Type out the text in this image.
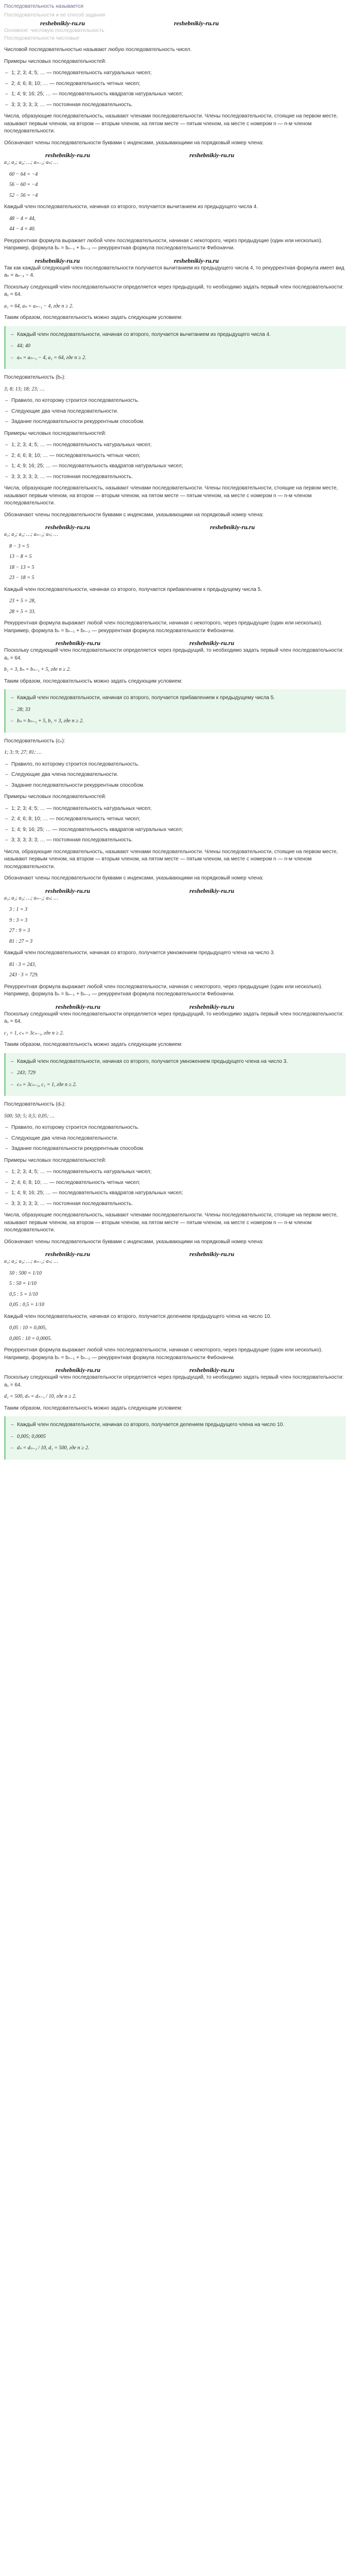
Последовательность называется
Последовательности и ее способ задания
reshebnikiy-ru.ru	reshebnikiy-ru.ru
Основное: числовую последовательность
Последовательности числовые

Числовой последовательностью называют любую последовательность чисел.

Примеры числовых последовательностей:

– 1; 2; 3; 4; 5; … — последовательность натуральных чисел;
– 2; 4; 6; 8; 10; … — последовательность четных чисел;
– 1; 4; 9; 16; 25; … — последовательность квадратов натуральных чисел;
– 3; 3; 3; 3; 3; … — постоянная последовательность.

Числа, образующие последовательность, называют членами последовательности. Члены последовательности, стоящие на первом месте, называют первым членом, на втором — вторым членом, на пятом месте — пятым членом, на месте с номером n — n-м членом последовательности.

Обозначают члены последовательности буквами с индексами, указывающими на порядковый номер члена:

reshebnikiy-ru.ru	reshebnikiy-ru.ru

a₁; a₂; a₃; …; aₙ₋₁; aₙ; …

60 − 64 = −4
56 − 60 = −4
52 − 56 = −4

Каждый член последовательности, начиная со второго, получается вычитанием из предыдущего числа 4.

48 − 4 = 44,
44 − 4 = 40.

Рекуррентная формула выражает любой член последовательности, начиная с некоторого, через предыдущие (один или несколько). Например, формула bₙ = bₙ₋₁ + bₙ₋₂ — рекуррентная формула последовательности Фибоначчи.

reshebnikiy-ru.ru	reshebnikiy-ru.ru

Так как каждый следующий член последовательности получается вычитанием из предыдущего числа 4, то рекуррентная формула имеет вид aₙ = aₙ₋₁ − 4.

Поскольку следующий член последовательности определяется через предыдущий, то необходимо задать первый член последовательности: a₁ = 64.

a₁ = 64, aₙ = aₙ₋₁ − 4, где n ≥ 2.

Таким образом, последовательность можно задать следующим условием:

– Каждый член последовательности, начиная со второго, получается вычитанием из предыдущего числа 4.
– 44; 40
– aₙ = aₙ₋₁ − 4, a₁ = 64, где n ≥ 2.

Последовательность (bₙ):

3; 8; 13; 18; 23; …

– Правило, по которому строится последовательность.
– Следующие два члена последовательности.
– Задание последовательности рекуррентным способом.

Примеры числовых последовательностей:

– 1; 2; 3; 4; 5; … — последовательность натуральных чисел;
– 2; 4; 6; 8; 10; … — последовательность четных чисел;
– 1; 4; 9; 16; 25; … — последовательность квадратов натуральных чисел;
– 3; 3; 3; 3; 3; … — постоянная последовательность.

Числа, образующие последовательность, называют членами последовательности. Члены последовательности, стоящие на первом месте, называют первым членом, на втором — вторым членом, на пятом месте — пятым членом, на месте с номером n — n-м членом последовательности.

Обозначают члены последовательности буквами с индексами, указывающими на порядковый номер члена:

reshebnikiy-ru.ru	reshebnikiy-ru.ru

a₁; a₂; a₃; …; aₙ₋₁; aₙ; …

8 − 3 = 5
13 − 8 = 5
18 − 13 = 5
23 − 18 = 5

Каждый член последовательности, начиная со второго, получается прибавлением к предыдущему числа 5.

23 + 5 = 28,
28 + 5 = 33.

Рекуррентная формула выражает любой член последовательности, начиная с некоторого, через предыдущие (один или несколько). Например, формула bₙ = bₙ₋₁ + bₙ₋₂ — рекуррентная формула последовательности Фибоначчи.

reshebnikiy-ru.ru	reshebnikiy-ru.ru

Поскольку следующий член последовательности определяется через предыдущий, то необходимо задать первый член последовательности: a₁ = 64.

b₁ = 3, bₙ = bₙ₋₁ + 5, где n ≥ 2.

Таким образом, последовательность можно задать следующим условием:

– Каждый член последовательности, начиная со второго, получается прибавлением к предыдущему числа 5.
– 28; 33
– bₙ = bₙ₋₁ + 5, b₁ = 3, где n ≥ 2.

Последовательность (cₙ):

1; 3; 9; 27; 81; …

– Правило, по которому строится последовательность.
– Следующие два члена последовательности.
– Задание последовательности рекуррентным способом.

Примеры числовых последовательностей:

– 1; 2; 3; 4; 5; … — последовательность натуральных чисел;
– 2; 4; 6; 8; 10; … — последовательность четных чисел;
– 1; 4; 9; 16; 25; … — последовательность квадратов натуральных чисел;
– 3; 3; 3; 3; 3; … — постоянная последовательность.

Числа, образующие последовательность, называют членами последовательности. Члены последовательности, стоящие на первом месте, называют первым членом, на втором — вторым членом, на пятом месте — пятым членом, на месте с номером n — n-м членом последовательности.

Обозначают члены последовательности буквами с индексами, указывающими на порядковый номер члена:

reshebnikiy-ru.ru	reshebnikiy-ru.ru

a₁; a₂; a₃; …; aₙ₋₁; aₙ; …

3 : 1 = 3
9 : 3 = 3
27 : 9 = 3
81 : 27 = 3

Каждый член последовательности, начиная со второго, получается умножением предыдущего члена на число 3.

81 · 3 = 243,
243 · 3 = 729.

Рекуррентная формула выражает любой член последовательности, начиная с некоторого, через предыдущие (один или несколько). Например, формула bₙ = bₙ₋₁ + bₙ₋₂ — рекуррентная формула последовательности Фибоначчи.

reshebnikiy-ru.ru	reshebnikiy-ru.ru

Поскольку следующий член последовательности определяется через предыдущий, то необходимо задать первый член последовательности: a₁ = 64.

c₁ = 1, cₙ = 3cₙ₋₁, где n ≥ 2.

Таким образом, последовательность можно задать следующим условием:

– Каждый член последовательности, начиная со второго, получается умножением предыдущего члена на число 3.
– 243; 729
– cₙ = 3cₙ₋₁, c₁ = 1, где n ≥ 2.

Последовательность (dₙ):

500; 50; 5; 0,5; 0,05; …

– Правило, по которому строится последовательность.
– Следующие два члена последовательности.
– Задание последовательности рекуррентным способом.

Примеры числовых последовательностей:

– 1; 2; 3; 4; 5; … — последовательность натуральных чисел;
– 2; 4; 6; 8; 10; … — последовательность четных чисел;
– 1; 4; 9; 16; 25; … — последовательность квадратов натуральных чисел;
– 3; 3; 3; 3; 3; … — постоянная последовательность.

Числа, образующие последовательность, называют членами последовательности. Члены последовательности, стоящие на первом месте, называют первым членом, на втором — вторым членом, на пятом месте — пятым членом, на месте с номером n — n-м членом последовательности.

Обозначают члены последовательности буквами с индексами, указывающими на порядковый номер члена:

reshebnikiy-ru.ru	reshebnikiy-ru.ru

a₁; a₂; a₃; …; aₙ₋₁; aₙ; …

50 : 500 = 1/10
5 : 50 = 1/10
0,5 : 5 = 1/10
0,05 : 0,5 = 1/10

Каждый член последовательности, начиная со второго, получается делением предыдущего члена на число 10.

0,05 : 10 = 0,005,
0,005 : 10 = 0,0005.

Рекуррентная формула выражает любой член последовательности, начиная с некоторого, через предыдущие (один или несколько). Например, формула bₙ = bₙ₋₁ + bₙ₋₂ — рекуррентная формула последовательности Фибоначчи.

reshebnikiy-ru.ru	reshebnikiy-ru.ru

Поскольку следующий член последовательности определяется через предыдущий, то необходимо задать первый член последовательности: a₁ = 64.

d₁ = 500, dₙ = dₙ₋₁ / 10, где n ≥ 2.

Таким образом, последовательность можно задать следующим условием:

– Каждый член последовательности, начиная со второго, получается делением предыдущего члена на число 10.
– 0,005; 0,0005
– dₙ = dₙ₋₁ / 10, d₁ = 500, где n ≥ 2.
